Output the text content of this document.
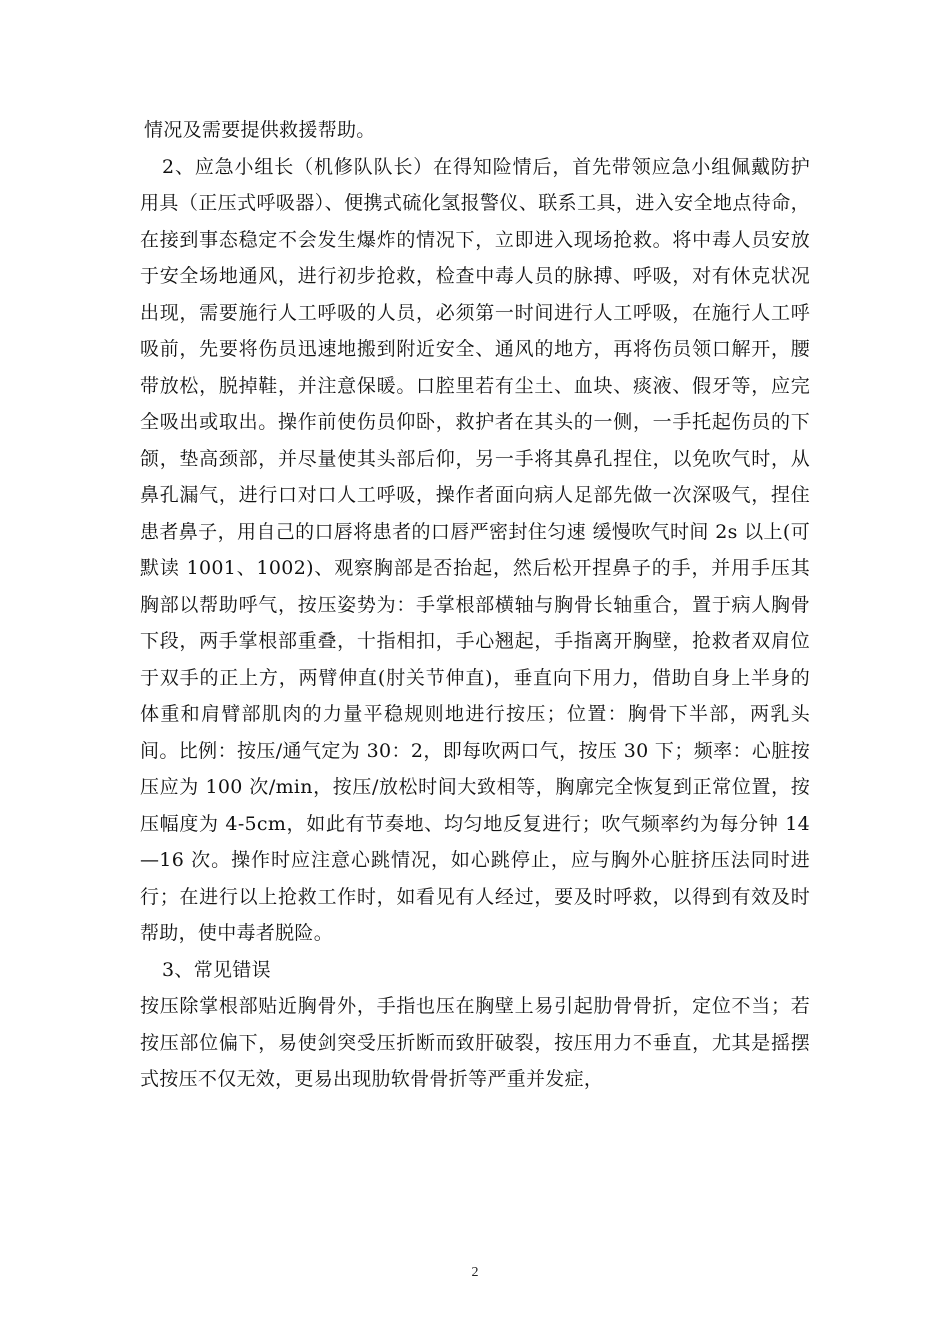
情况及需要提供救援帮助。

2、应急小组长（机修队队长）在得知险情后，首先带领应急小组佩戴防护用具（正压式呼吸器）、便携式硫化氢报警仪、联系工具，进入安全地点待命，在接到事态稳定不会发生爆炸的情况下，立即进入现场抢救。将中毒人员安放于安全场地通风，进行初步抢救，检查中毒人员的脉搏、呼吸，对有休克状况出现，需要施行人工呼吸的人员，必须第一时间进行人工呼吸，在施行人工呼吸前，先要将伤员迅速地搬到附近安全、通风的地方，再将伤员领口解开，腰带放松，脱掉鞋，并注意保暖。口腔里若有尘土、血块、痰液、假牙等，应完全吸出或取出。操作前使伤员仰卧，救护者在其头的一侧，一手托起伤员的下颌，垫高颈部，并尽量使其头部后仰，另一手将其鼻孔捏住，以免吹气时，从鼻孔漏气，进行口对口人工呼吸，操作者面向病人足部先做一次深吸气，捏住患者鼻子，用自己的口唇将患者的口唇严密封住匀速 缓慢吹气时间 2s 以上(可默读 1001、1002)、观察胸部是否抬起，然后松开捏鼻子的手，并用手压其胸部以帮助呼气，按压姿势为：手掌根部横轴与胸骨长轴重合，置于病人胸骨下段，两手掌根部重叠，十指相扣，手心翘起，手指离开胸壁，抢救者双肩位于双手的正上方，两臂伸直(肘关节伸直)，垂直向下用力，借助自身上半身的体重和肩臂部肌肉的力量平稳规则地进行按压；位置：胸骨下半部，两乳头间。比例：按压/通气定为 30：2，即每吹两口气，按压 30 下；频率：心脏按压应为 100 次/min，按压/放松时间大致相等，胸廓完全恢复到正常位置，按压幅度为 4-5cm，如此有节奏地、均匀地反复进行；吹气频率约为每分钟 14—16 次。操作时应注意心跳情况，如心跳停止，应与胸外心脏挤压法同时进行；在进行以上抢救工作时，如看见有人经过，要及时呼救，以得到有效及时帮助，使中毒者脱险。

3、常见错误

按压除掌根部贴近胸骨外，手指也压在胸壁上易引起肋骨骨折，定位不当；若按压部位偏下，易使剑突受压折断而致肝破裂，按压用力不垂直，尤其是摇摆式按压不仅无效，更易出现肋软骨骨折等严重并发症，

2
